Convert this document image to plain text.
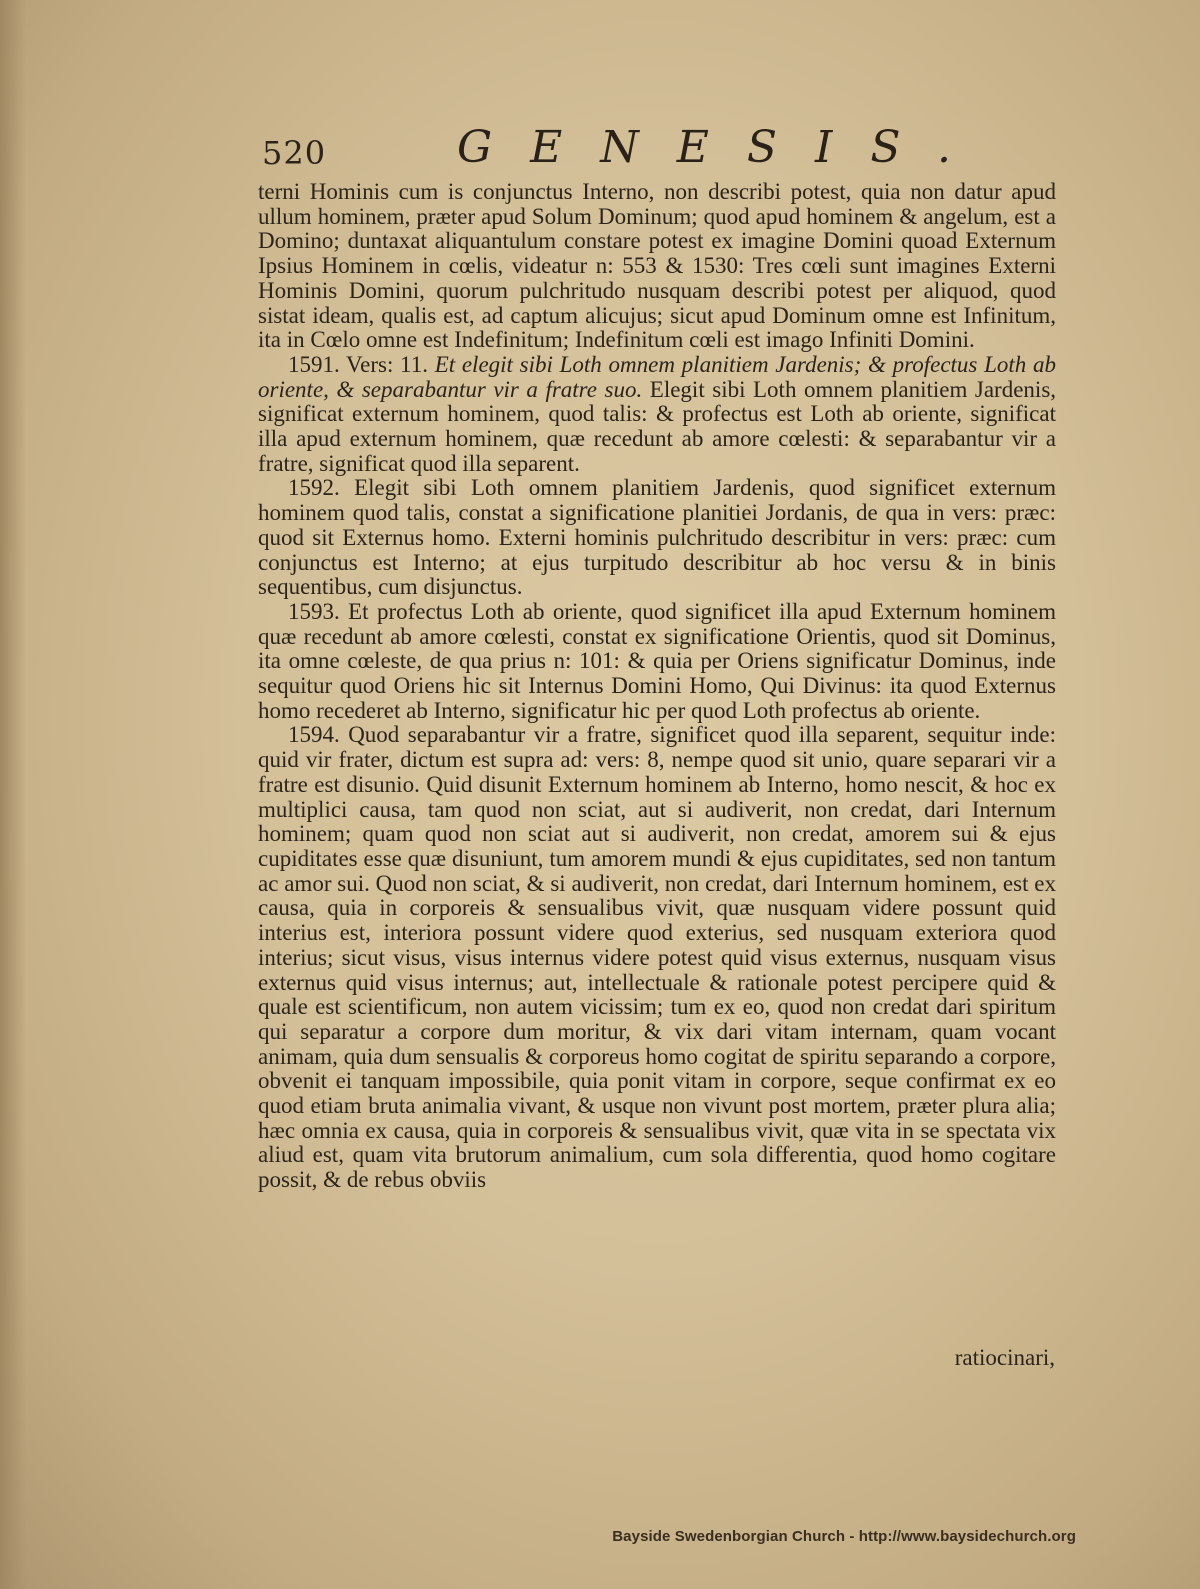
520	GENESIS.

terni Hominis cum is conjunctus Interno, non describi potest, quia non datur apud ullum hominem, præter apud Solum Dominum; quod apud hominem & angelum, est a Domino; duntaxat aliquantulum constare potest ex imagine Domini quoad Externum Ipsius Hominem in cœlis, videatur n: 553 & 1530: Tres cœli sunt imagines Externi Hominis Domini, quorum pulchritudo nusquam describi potest per aliquod, quod sistat ideam, qualis est, ad captum alicujus; sicut apud Dominum omne est Infinitum, ita in Cœlo omne est Indefinitum; Indefinitum cœli est imago Infiniti Domini.

1591. Vers: 11. Et elegit sibi Loth omnem planitiem Jardenis; & profectus Loth ab oriente, & separabantur vir a fratre suo. Elegit sibi Loth omnem planitiem Jardenis, significat externum hominem, quod talis: & profectus est Loth ab oriente, significat illa apud externum hominem, quæ recedunt ab amore cœlesti: & separabantur vir a fratre, significat quod illa separent.

1592. Elegit sibi Loth omnem planitiem Jardenis, quod significet externum hominem quod talis, constat a significatione planitiei Jordanis, de qua in vers: præc: quod sit Externus homo. Externi hominis pulchritudo describitur in vers: præc: cum conjunctus est Interno; at ejus turpitudo describitur ab hoc versu & in binis sequentibus, cum disjunctus.

1593. Et profectus Loth ab oriente, quod significet illa apud Externum hominem quæ recedunt ab amore cœlesti, constat ex significatione Orientis, quod sit Dominus, ita omne cœleste, de qua prius n: 101: & quia per Oriens significatur Dominus, inde sequitur quod Oriens hic sit Internus Domini Homo, Qui Divinus: ita quod Externus homo recederet ab Interno, significatur hic per quod Loth profectus ab oriente.

1594. Quod separabantur vir a fratre, significet quod illa separent, sequitur inde: quid vir frater, dictum est supra ad: vers: 8, nempe quod sit unio, quare separari vir a fratre est disunio. Quid disunit Externum hominem ab Interno, homo nescit, & hoc ex multiplici causa, tam quod non sciat, aut si audiverit, non credat, dari Internum hominem; quam quod non sciat aut si audiverit, non credat, amorem sui & ejus cupiditates esse quæ disuniunt, tum amorem mundi & ejus cupiditates, sed non tantum ac amor sui. Quod non sciat, & si audiverit, non credat, dari Internum hominem, est ex causa, quia in corporeis & sensualibus vivit, quæ nusquam videre possunt quid interius est, interiora possunt videre quod exterius, sed nusquam exteriora quod interius; sicut visus, visus internus videre potest quid visus externus, nusquam visus externus quid visus internus; aut, intellectuale & rationale potest percipere quid & quale est scientificum, non autem vicissim; tum ex eo, quod non credat dari spiritum qui separatur a corpore dum moritur, & vix dari vitam internam, quam vocant animam, quia dum sensualis & corporeus homo cogitat de spiritu separando a corpore, obvenit ei tanquam impossibile, quia ponit vitam in corpore, seque confirmat ex eo quod etiam bruta animalia vivant, & usque non vivunt post mortem, præter plura alia; hæc omnia ex causa, quia in corporeis & sensualibus vivit, quæ vita in se spectata vix aliud est, quam vita brutorum animalium, cum sola differentia, quod homo cogitare possit, & de rebus obviis

ratiocinari,
Bayside Swedenborgian Church - http://www.baysidechurch.org
